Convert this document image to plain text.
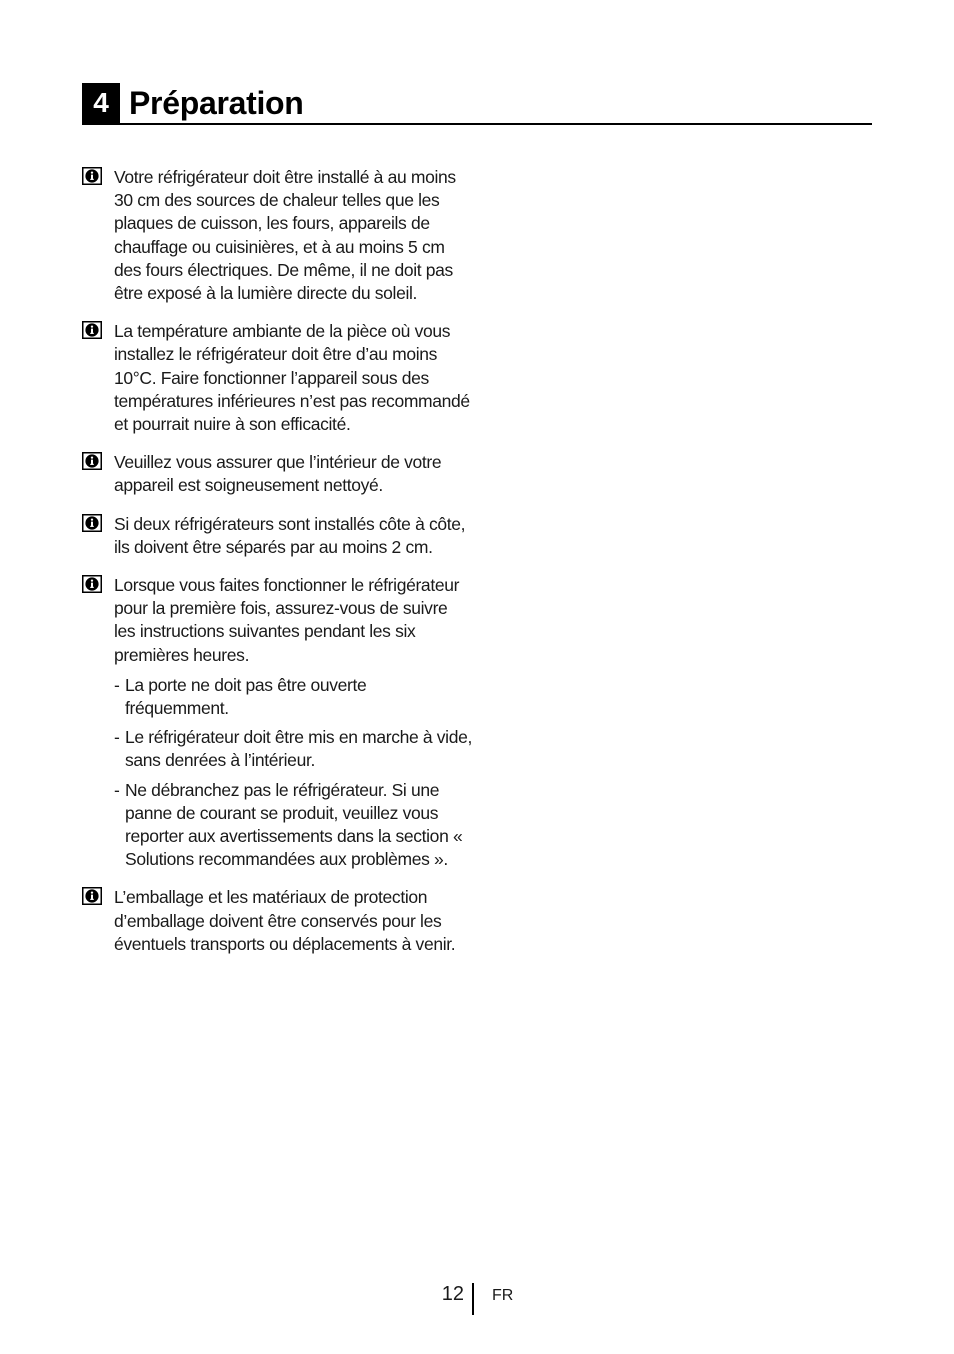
4 Préparation
Votre réfrigérateur doit être installé à au moins 30 cm des sources de chaleur telles que les plaques de cuisson, les fours, appareils de chauffage ou cuisinières, et à au moins 5 cm des fours électriques. De même, il ne doit pas être exposé à la lumière directe du soleil.
La température ambiante de la pièce où vous installez le réfrigérateur doit être d’au moins 10°C. Faire fonctionner l’appareil sous des températures inférieures n’est pas recommandé et pourrait nuire à son efficacité.
Veuillez vous assurer que l’intérieur de votre appareil est soigneusement nettoyé.
Si deux réfrigérateurs sont installés côte à côte, ils doivent être séparés par au moins 2 cm.
Lorsque vous faites fonctionner le réfrigérateur pour la première fois, assurez-vous de suivre les instructions suivantes pendant les six premières heures.
- La porte ne doit pas être ouverte fréquemment.
- Le réfrigérateur doit être mis en marche à vide, sans denrées à l’intérieur.
- Ne débranchez pas le réfrigérateur. Si une panne de courant se produit, veuillez vous reporter aux avertissements dans la section « Solutions recommandées aux problèmes ».
L’emballage et les matériaux de protection d’emballage doivent être conservés pour les éventuels transports ou déplacements à venir.
12 FR
